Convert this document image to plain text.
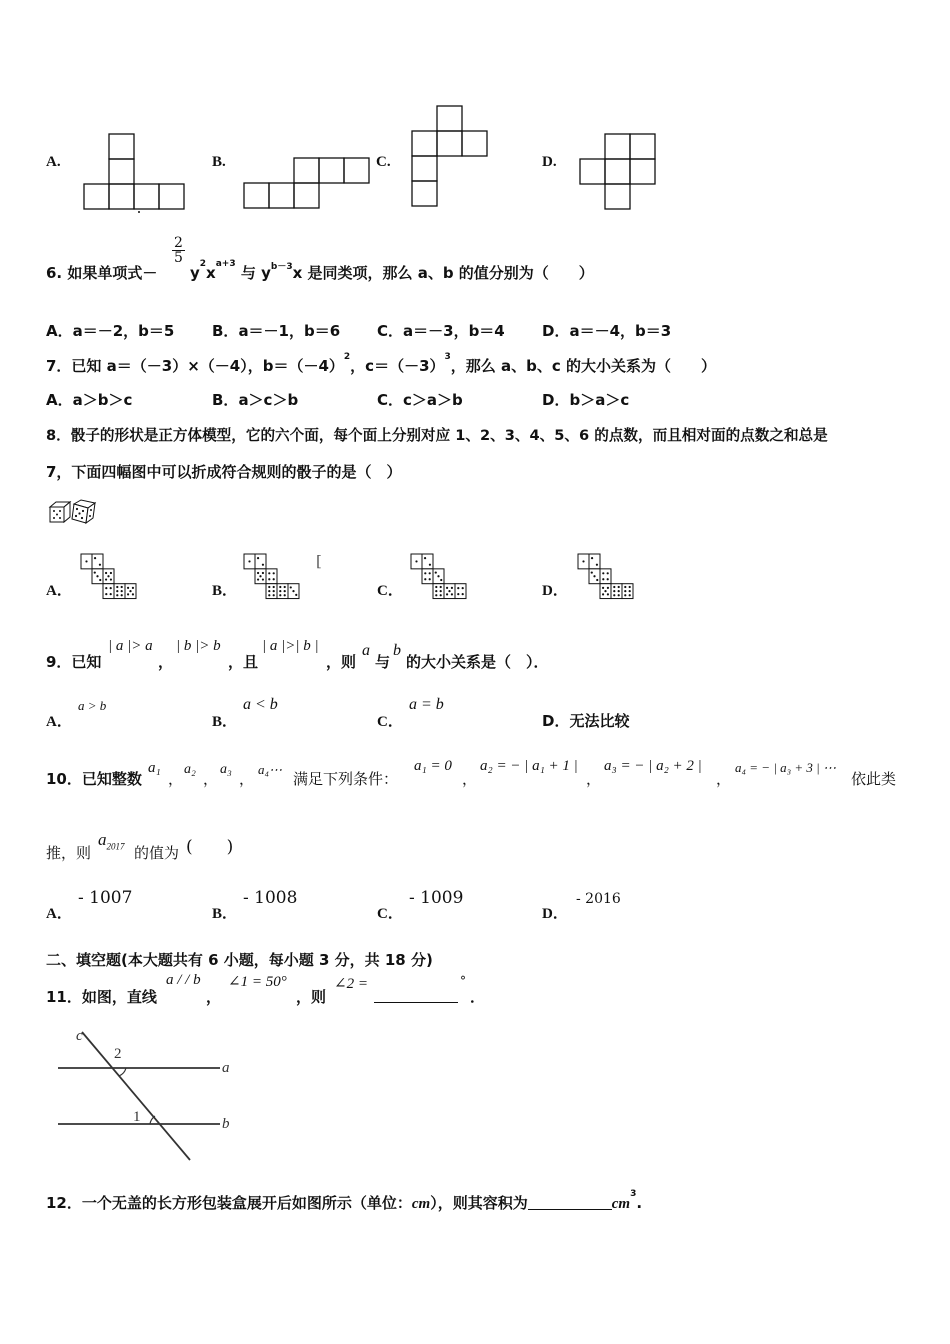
A.	B.	C.	D.
6. 如果单项式－
$\frac{2}{5}$
$y^2x^{a+3}$ 与 $y^{b-3}x$ 是同类项，那么 a、b 的值分别为（　　）
A．a＝－2，b＝5	B．a＝－1，b＝6 C．a＝－3，b＝4 D．a＝－4，b＝3
7．已知 a＝（－3）×（－4），$b=(-4)^2$，$c=(-3)^3$，那么 a、b、c 的大小关系为（　　）
A．a＞b＞c	B．a＞c＞b	C．c＞a＞b	D．b＞a＞c
8．骰子的形状是正方体模型，它的六个面，每个面上分别对应 1、2、3、4、5、6 的点数，而且相对面的点数之和总是
7，下面四幅图中可以折成符合规则的骰子的是（　）
A．	B．	C．	D．
[
9．已知
| a |> a
，
| b |> b
，且
| a |>| b |
，则
a
与
b
的大小关系是（　）．
A．
a > b
B．
a < b
C．
a = b
D．无法比较
10．已知整数
a₁
，
a₂
，
a₃
，
a₄⋯
满足下列条件：
a₁ = 0
，
a₂ = − | a₁ + 1 |
，
a₃ = − | a₂ + 2 |
，
a₄ = − | a₃ + 3 | ⋯
依此类
推，则
$a_{2017}$ 的值为 (　　)
A．
- 1007
B．
- 1008
C．
- 1009
D．
- 2016
二、填空题(本大题共有 6 小题，每小题 3 分，共 18 分)
11．如图，直线
a / / b
，
∠1 = 50°
，则
∠2 =	°
．
c
2
a
1	b
12．一个无盖的长方形包装盒展开后如图所示（单位：cm），则其容积为	$cm^3$.
